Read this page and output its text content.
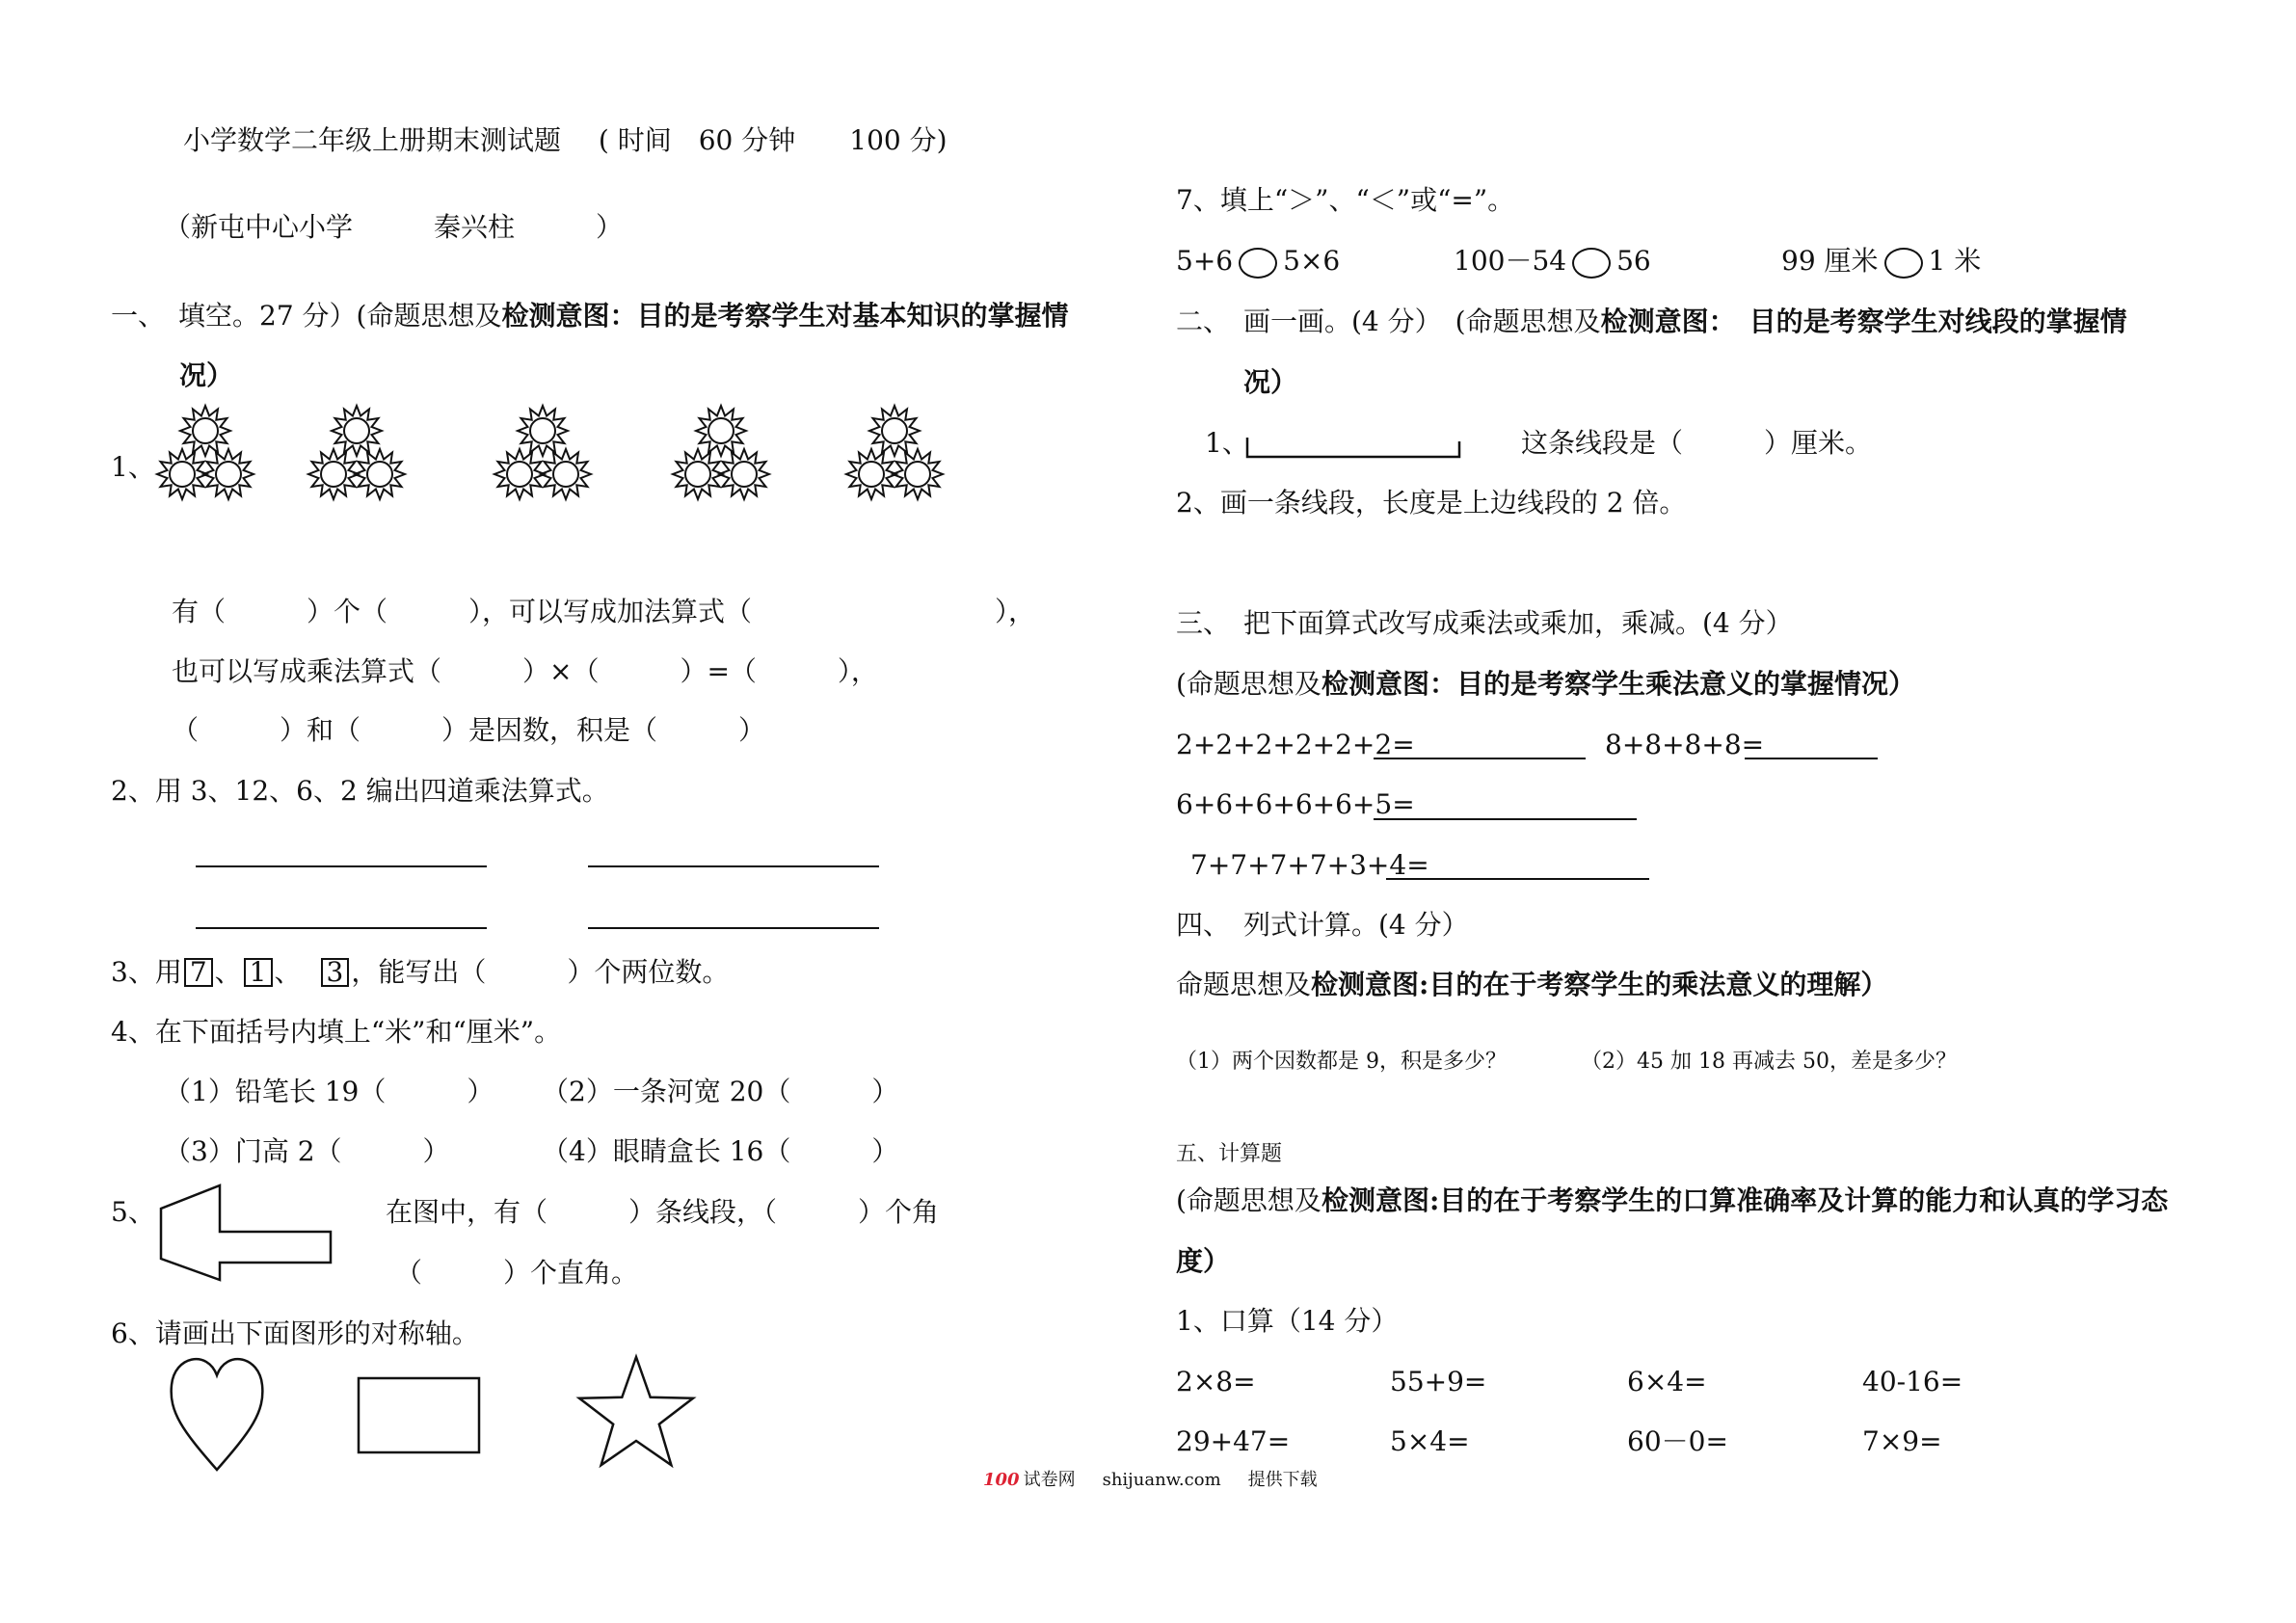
小学数学二年级上册期末测试题 ( 时间　60 分钟　　100 分)
（新屯中心小学　　　秦兴柱　　　）
一、　填空。27 分）(命题思想及检测意图：目的是考察学生对基本知识的掌握情
况）
1、
有（　　　）个（　　　），可以写成加法算式（　　　　　　　　　），
也可以写成乘法算式（　　　）×（　　　）=（　　　），
（　　　）和（　　　）是因数，积是（　　　）
2、用 3、12、6、2 编出四道乘法算式。
3、用 7 、 1 、 3 ，能写出（　　　）个两位数。
4、在下面括号内填上“米”和“厘米”。
（1）铅笔长 19（　　　） （2）一条河宽 20（　　　）
（3）门高 2（　　　）	（4）眼睛盒长 16（　　　）
5、	在图中，有（　　　）条线段，（　　　）个角
（　　　）个直角。
6、请画出下面图形的对称轴。
7、填上“＞”、“＜”或“=”。
5+6 5×6	100－54 56	99 厘米 1 米
二、　画一画。(4 分）　(命题思想及检测意图：　目的是考察学生对线段的掌握情
况）
1、	这条线段是（　　　）厘米。
2、画一条线段，长度是上边线段的 2 倍。
三、　把下面算式改写成乘法或乘加，乘减。(4 分）
(命题思想及检测意图：目的是考察学生乘法意义的掌握情况）
2+2+2+2+2+2=	8+8+8+8=
6+6+6+6+6+5=
7+7+7+7+3+4=
四、　列式计算。(4 分）
命题思想及检测意图:目的在于考察学生的乘法意义的理解）
（1）两个因数都是 9，积是多少？	（2）45 加 18 再减去 50，差是多少？
五、计算题
(命题思想及检测意图:目的在于考察学生的口算准确率及计算的能力和认真的学习态
度）
1、口算（14 分）
2×8=	55+9=	6×4=	40-16=
29+47=	5×4=	60－0=	7×9=
100 试卷网 shijuanw.com 提供下载
